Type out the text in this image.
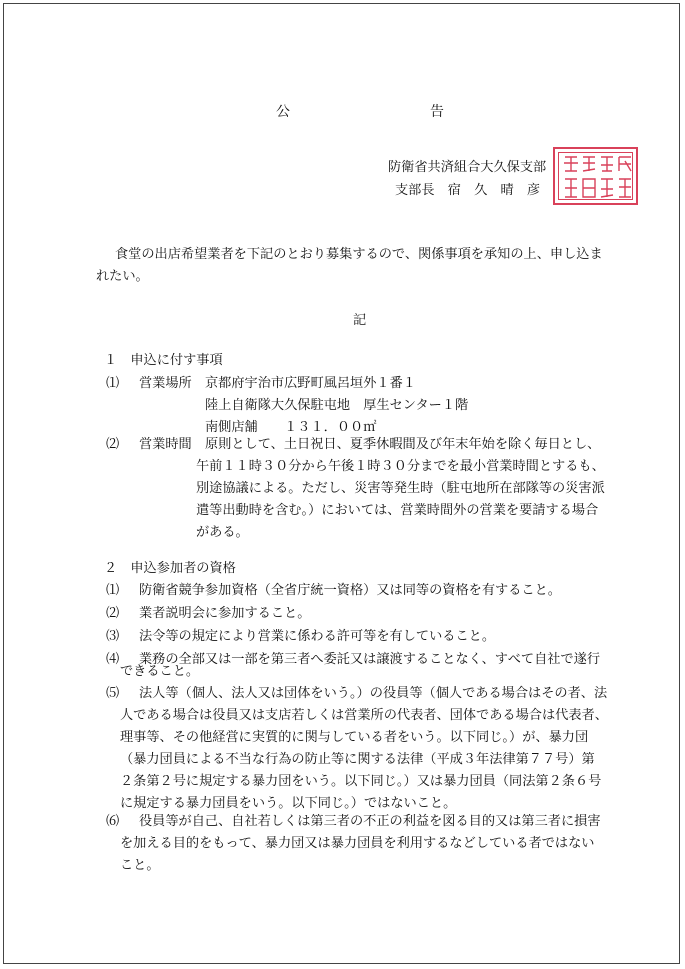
公	告
防衛省共済組合大久保支部
支部長　宿　久　晴　彦
食堂の出店希望業者を下記のとおり募集するので、関係事項を承知の上、申し込ま
れたい。
記
１　申込に付す事項
⑴ 営業場所 京都府宇治市広野町風呂垣外１番１
陸上自衛隊大久保駐屯地　厚生センター１階
南側店舗　　１３１．００㎡
⑵ 営業時間 原則として、土日祝日、夏季休暇間及び年末年始を除く毎日とし、
午前１１時３０分から午後１時３０分までを最小営業時間とするも、
別途協議による。ただし、災害等発生時（駐屯地所在部隊等の災害派
遣等出動時を含む。）においては、営業時間外の営業を要請する場合
がある。
２　申込参加者の資格
⑴ 防衛省競争参加資格（全省庁統一資格）又は同等の資格を有すること。
⑵ 業者説明会に参加すること。
⑶ 法令等の規定により営業に係わる許可等を有していること。
⑷ 業務の全部又は一部を第三者へ委託又は譲渡することなく、すべて自社で遂行
できること。
⑸ 法人等（個人、法人又は団体をいう。）の役員等（個人である場合はその者、法
人である場合は役員又は支店若しくは営業所の代表者、団体である場合は代表者、
理事等、その他経営に実質的に関与している者をいう。以下同じ。）が、暴力団
（暴力団員による不当な行為の防止等に関する法律（平成３年法律第７７号）第
２条第２号に規定する暴力団をいう。以下同じ。）又は暴力団員（同法第２条６号
に規定する暴力団員をいう。以下同じ。）ではないこと。
⑹ 役員等が自己、自社若しくは第三者の不正の利益を図る目的又は第三者に損害
を加える目的をもって、暴力団又は暴力団員を利用するなどしている者ではない
こと。
